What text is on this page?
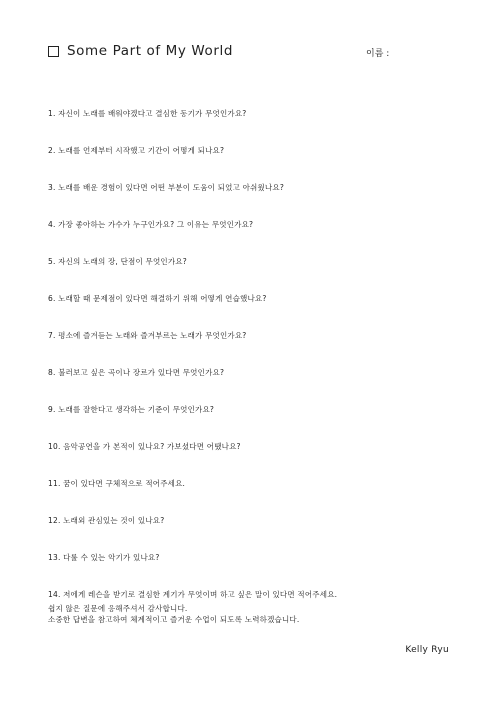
Some Part of My World	이름 :
1. 자신이 노래를 배워야겠다고 결심한 동기가 무엇인가요?
2. 노래를 언제부터 시작했고 기간이 어떻게 되나요?
3. 노래를 배운 경험이 있다면 어떤 부분이 도움이 되었고 아쉬웠나요?
4. 가장 좋아하는 가수가 누구인가요? 그 이유는 무엇인가요?
5. 자신의 노래의 장, 단점이 무엇인가요?
6. 노래할 때 문제점이 있다면 해결하기 위해 어떻게 연습했나요?
7. 평소에 즐겨듣는 노래와 즐겨부르는 노래가 무엇인가요?
8. 불러보고 싶은 곡이나 장르가 있다면 무엇인가요?
9. 노래를 잘한다고 생각하는 기준이 무엇인가요?
10. 음악공연을 가 본적이 있나요? 가보셨다면 어땠나요?
11. 꿈이 있다면 구체적으로 적어주세요.
12. 노래외 관심있는 것이 있나요?
13. 다룰 수 있는 악기가 있나요?
14. 저에게 레슨을 받기로 결심한 계기가 무엇이며 하고 싶은 말이 있다면 적어주세요.
쉽지 않은 질문에 응해주셔서 감사합니다.
소중한 답변을 참고하여 체계적이고 즐거운 수업이 되도록 노력하겠습니다.
Kelly Ryu
